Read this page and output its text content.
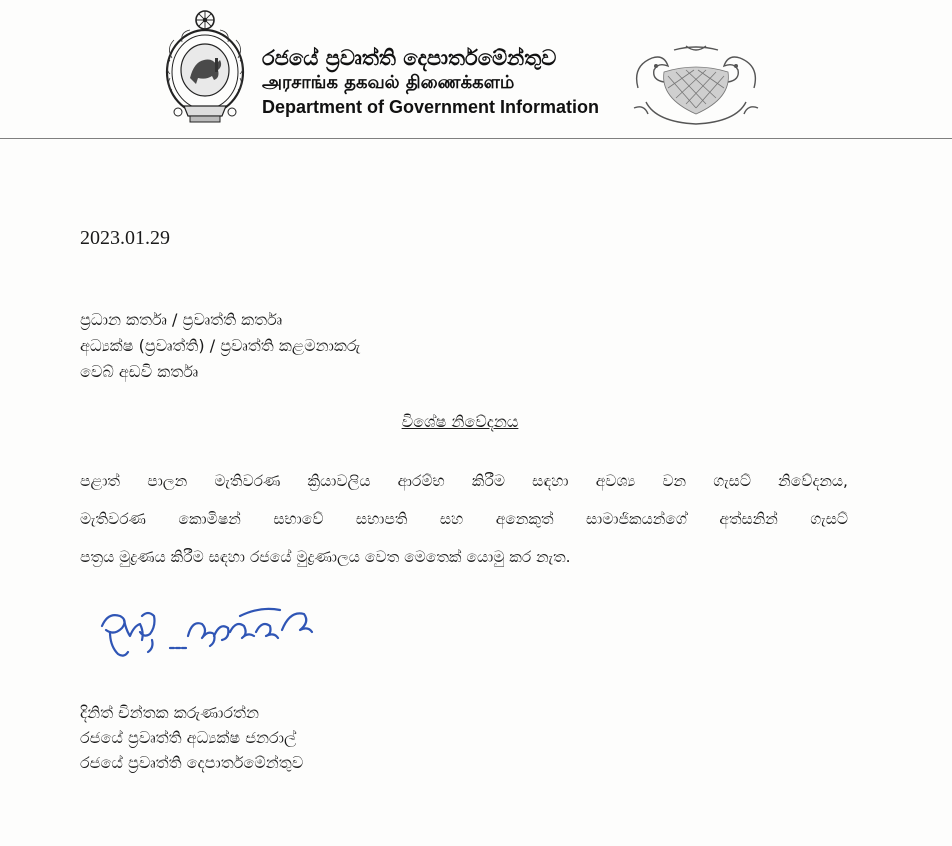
රජයේ ප්‍රවෘත්ති දෙපාර්තමේන්තුව

அரசாங்க தகவல் திணைக்களம்

Department of Government Information

2023.01.29

ප්‍රධාන කර්තෘ / ප්‍රවෘත්ති කර්තෘ
අධ්‍යක්ෂ (ප්‍රවෘත්ති) / ප්‍රවෘත්ති කළමනාකරු
වෙබ් අඩවි කර්තෘ

විශේෂ නිවේදනය

පළාත් පාලන මැතිවරණ ක්‍රියාවලිය ආරම්භ කිරීම සඳහා අවශ්‍ය වන ගැසට් නිවේදනය,

මැතිවරණ කොමිෂන් සභාවේ සභාපති සහ අනෙකුත් සාමාජිකයන්ගේ අත්සනින් ගැසට්

පත්‍රය මුද්‍රණය කිරීම සඳහා රජයේ මුද්‍රණාලය වෙත මෙතෙක් යොමු කර නැත.

දිනිත් චින්තක කරුණාරත්න
රජයේ ප්‍රවෘත්ති අධ්‍යක්ෂ ජනරාල්
රජයේ ප්‍රවෘත්ති දෙපාර්තමේන්තුව
